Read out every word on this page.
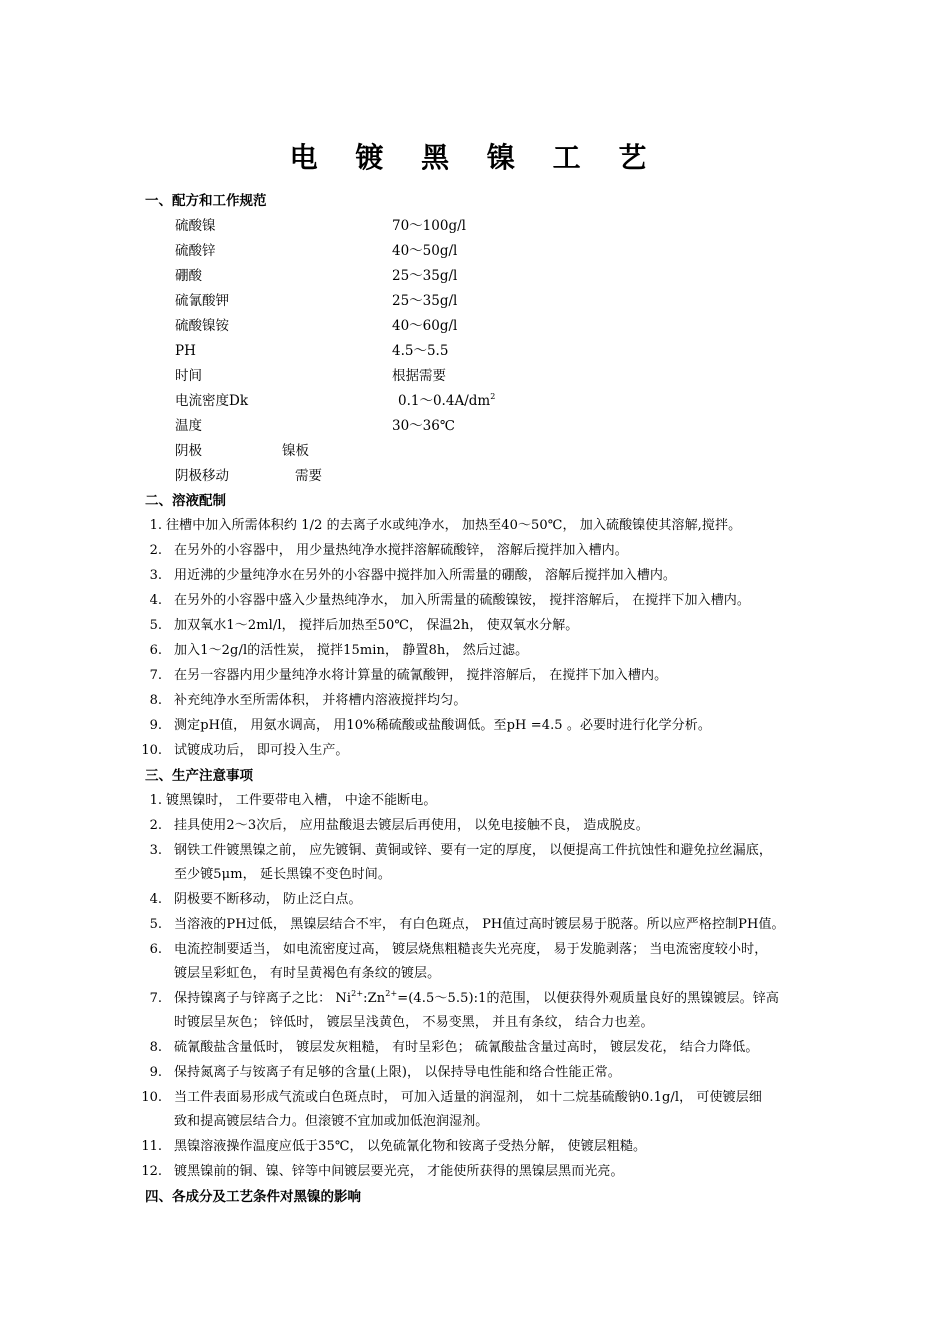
电 镀 黑 镍 工 艺
一、配方和工作规范
硫酸镍	70～100g/l
硫酸锌	40～50g/l
硼酸	25～35g/l
硫氰酸钾	25～35g/l
硫酸镍铵	40～60g/l
PH	4.5～5.5
时间	根据需要
电流密度Dk	$0.1\sim 0.4A/dm^2$
温度	30～36℃
阴极	镍板
阴极移动	需要
二、溶液配制
1. 往槽中加入所需体积约 1/2 的去离子水或纯净水， 加热至40～50℃， 加入硫酸镍使其溶解,搅拌。
2. 在另外的小容器中， 用少量热纯净水搅拌溶解硫酸锌， 溶解后搅拌加入槽内。
3. 用近沸的少量纯净水在另外的小容器中搅拌加入所需量的硼酸， 溶解后搅拌加入槽内。
4. 在另外的小容器中盛入少量热纯净水， 加入所需量的硫酸镍铵， 搅拌溶解后， 在搅拌下加入槽内。
5. 加双氧水1～2ml/l， 搅拌后加热至50℃， 保温2h， 使双氧水分解。
6. 加入1～2g/l的活性炭， 搅拌15min， 静置8h， 然后过滤。
7. 在另一容器内用少量纯净水将计算量的硫氰酸钾， 搅拌溶解后， 在搅拌下加入槽内。
8. 补充纯净水至所需体积， 并将槽内溶液搅拌均匀。
9. 测定pH值， 用氨水调高， 用10%稀硫酸或盐酸调低。至pH =4.5 。必要时进行化学分析。
10. 试镀成功后， 即可投入生产。
三、生产注意事项
1. 镀黑镍时， 工件要带电入槽， 中途不能断电。
2. 挂具使用2～3次后， 应用盐酸退去镀层后再使用， 以免电接触不良， 造成脱皮。
3. 钢铁工件镀黑镍之前， 应先镀铜、黄铜或锌、要有一定的厚度， 以便提高工件抗蚀性和避免拉丝漏底，
至少镀5μm， 延长黑镍不变色时间。
4. 阴极要不断移动， 防止泛白点。
5. 当溶液的PH过低， 黑镍层结合不牢， 有白色斑点， PH值过高时镀层易于脱落。所以应严格控制PH值。
6. 电流控制要适当， 如电流密度过高， 镀层烧焦粗糙丧失光亮度， 易于发脆剥落； 当电流密度较小时，
镀层呈彩虹色， 有时呈黄褐色有条纹的镀层。
7. 保持镍离子与锌离子之比： $Ni^{2+}:Zn^{2+}=(4.5\sim 5.5):1$的范围， 以便获得外观质量良好的黑镍镀层。锌高
时镀层呈灰色； 锌低时， 镀层呈浅黄色， 不易变黑， 并且有条纹， 结合力也差。
8. 硫氰酸盐含量低时， 镀层发灰粗糙， 有时呈彩色； 硫氰酸盐含量过高时， 镀层发花， 结合力降低。
9. 保持氮离子与铵离子有足够的含量(上限)， 以保持导电性能和络合性能正常。
10. 当工件表面易形成气流或白色斑点时， 可加入适量的润湿剂， 如十二烷基硫酸钠0.1g/l， 可使镀层细
致和提高镀层结合力。但滚镀不宜加或加低泡润湿剂。
11. 黑镍溶液操作温度应低于35℃， 以免硫氰化物和铵离子受热分解， 使镀层粗糙。
12. 镀黑镍前的铜、镍、锌等中间镀层要光亮， 才能使所获得的黑镍层黑而光亮。
四、各成分及工艺条件对黑镍的影响
